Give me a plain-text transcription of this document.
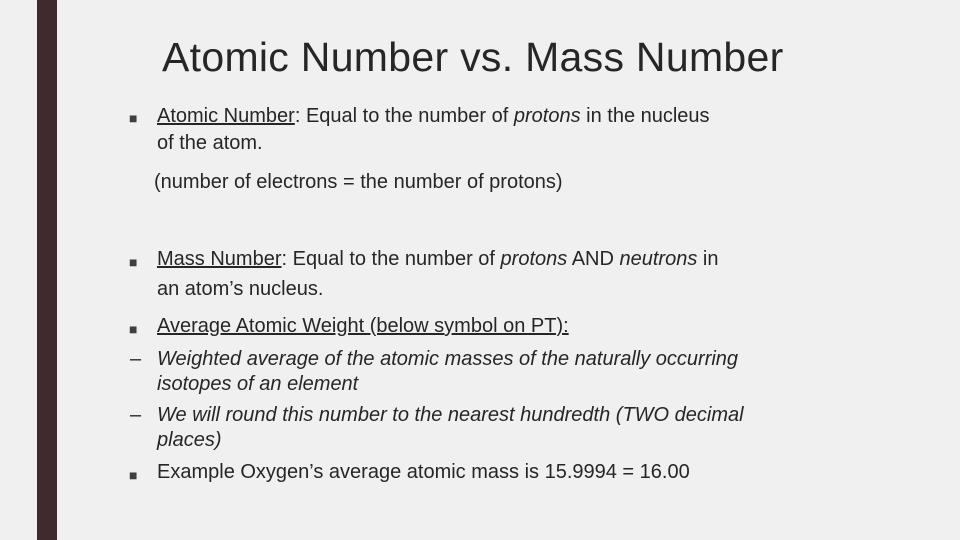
Atomic Number vs. Mass Number
■ Atomic Number: Equal to the number of protons in the nucleus
of the atom.
(number of electrons = the number of protons)
■ Mass Number: Equal to the number of protons AND neutrons in
an atom’s nucleus.
■ Average Atomic Weight (below symbol on PT):
– Weighted average of the atomic masses of the naturally occurring
isotopes of an element
– We will round this number to the nearest hundredth (TWO decimal
places)
■ Example Oxygen’s average atomic mass is 15.9994 = 16.00
